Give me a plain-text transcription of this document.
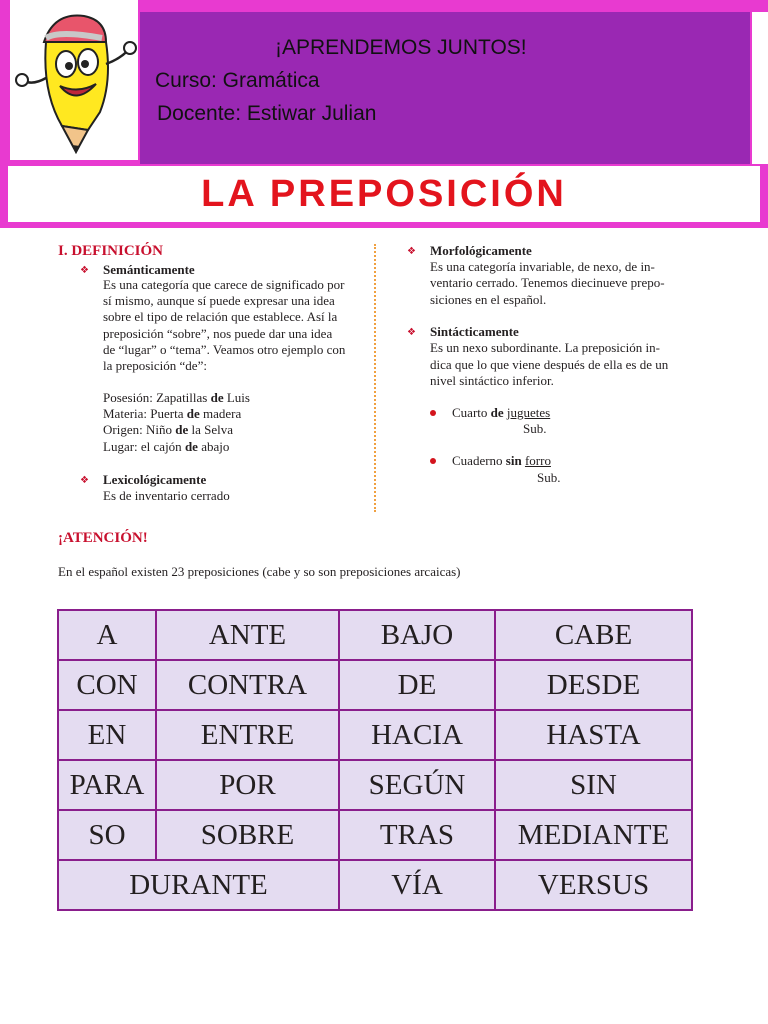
¡APRENDEMOS JUNTOS!
Curso: Gramática
Docente: Estiwar Julian
LA PREPOSICIÓN
I. DEFINICIÓN
❖ Semánticamente
Es una categoría que carece de significado por
sí mismo, aunque sí puede expresar una idea
sobre el tipo de relación que establece. Así la
preposición “sobre”, nos puede dar una idea
de “lugar” o “tema”. Veamos otro ejemplo con
la preposición “de”:
Posesión: Zapatillas de Luis
Materia: Puerta de madera
Origen: Niño de la Selva
Lugar: el cajón de abajo
❖ Lexicológicamente
Es de inventario cerrado
❖ Morfológicamente
Es una categoría invariable, de nexo, de in-
ventario cerrado. Tenemos diecinueve prepo-
siciones en el español.
❖ Sintácticamente
Es un nexo subordinante. La preposición in-
dica que lo que viene después de ella es de un
nivel sintáctico inferior.
Cuarto de juguetes
Sub.
Cuaderno sin forro
Sub.
¡ATENCIÓN!
En el español existen 23 preposiciones (cabe y so son preposiciones arcaicas)
A	ANTE	BAJO	CABE
CON	CONTRA	DE	DESDE
EN	ENTRE	HACIA	HASTA
PARA	POR	SEGÚN	SIN
SO	SOBRE	TRAS	MEDIANTE
DURANTE		VÍA	VERSUS
